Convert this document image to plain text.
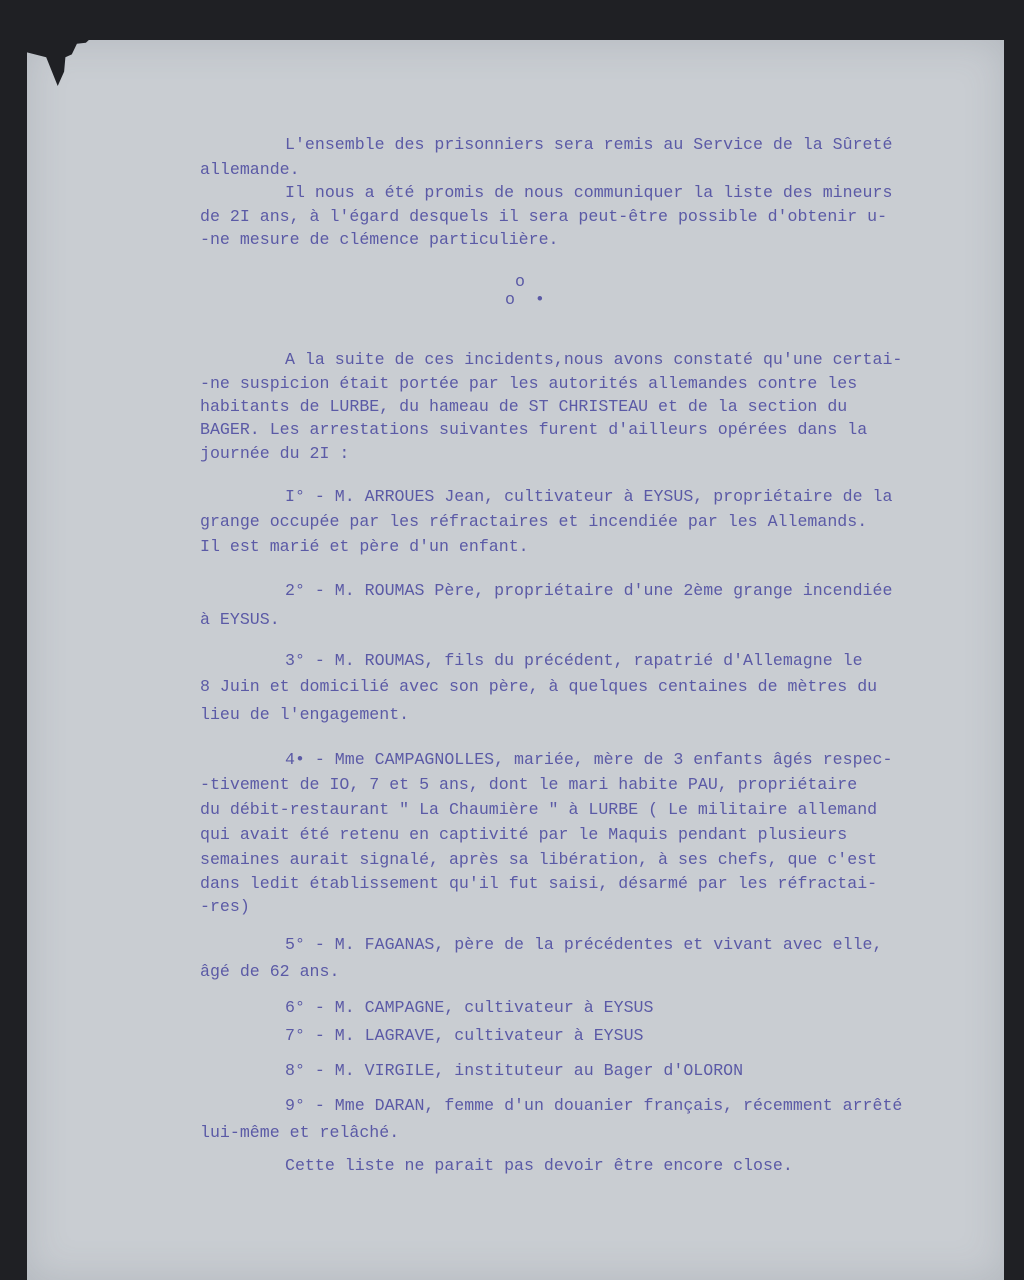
L'ensemble des prisonniers sera remis au Service de la Sûreté
allemande.
Il nous a été promis de nous communiquer la liste des mineurs
de 2I ans, à l'égard desquels il sera peut-être possible d'obtenir u-
-ne mesure de clémence particulière.
o
o  •
A la suite de ces incidents,nous avons constaté qu'une certai-
-ne suspicion était portée par les autorités allemandes contre les
habitants de LURBE, du hameau de ST CHRISTEAU et de la section du
BAGER. Les arrestations suivantes furent d'ailleurs opérées dans la
journée du 2I :
I° - M. ARROUES Jean, cultivateur à EYSUS, propriétaire de la
grange occupée par les réfractaires et incendiée par les Allemands.
Il est marié et père d'un enfant.
2° - M. ROUMAS Père, propriétaire d'une 2ème grange incendiée
à EYSUS.
3° - M. ROUMAS, fils du précédent, rapatrié d'Allemagne le
8 Juin et domicilié avec son père, à quelques centaines de mètres du
lieu de l'engagement.
4• - Mme CAMPAGNOLLES, mariée, mère de 3 enfants âgés respec-
-tivement de IO, 7 et 5 ans, dont le mari habite PAU, propriétaire
du débit-restaurant " La Chaumière " à LURBE ( Le militaire allemand
qui avait été retenu en captivité par le Maquis pendant plusieurs
semaines aurait signalé, après sa libération, à ses chefs, que c'est
dans ledit établissement qu'il fut saisi, désarmé par les réfractai-
-res)
5° - M. FAGANAS, père de la précédentes et vivant avec elle,
âgé de 62 ans.
6° - M. CAMPAGNE, cultivateur à EYSUS
7° - M. LAGRAVE, cultivateur à EYSUS
8° - M. VIRGILE, instituteur au Bager d'OLORON
9° - Mme DARAN, femme d'un douanier français, récemment arrêté
lui-même et relâché.
Cette liste ne parait pas devoir être encore close.
